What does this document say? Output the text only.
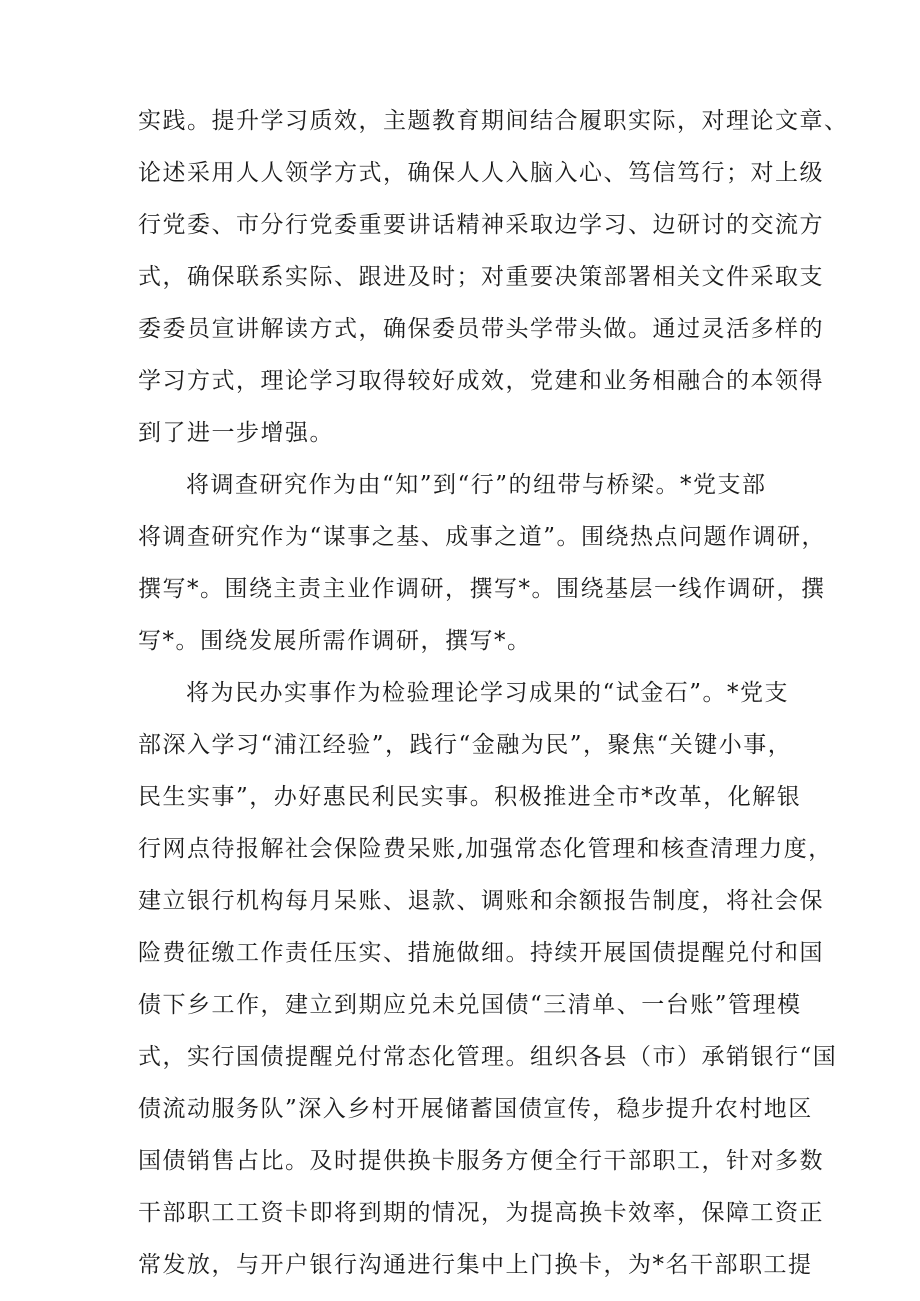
实践。提升学习质效，主题教育期间结合履职实际，对理论文章、
论述采用人人领学方式，确保人人入脑入心、笃信笃行；对上级
行党委、市分行党委重要讲话精神采取边学习、边研讨的交流方
式，确保联系实际、跟进及时；对重要决策部署相关文件采取支
委委员宣讲解读方式，确保委员带头学带头做。通过灵活多样的
学习方式，理论学习取得较好成效，党建和业务相融合的本领得
到了进一步增强。
将调查研究作为由“知”到“行”的纽带与桥梁。*党支部
将调查研究作为“谋事之基、成事之道”。围绕热点问题作调研，
撰写*。围绕主责主业作调研，撰写*。围绕基层一线作调研，撰
写*。围绕发展所需作调研，撰写*。
将为民办实事作为检验理论学习成果的“试金石”。*党支
部深入学习“浦江经验”，践行“金融为民”，聚焦“关键小事，
民生实事”，办好惠民利民实事。积极推进全市*改革，化解银
行网点待报解社会保险费呆账,加强常态化管理和核查清理力度，
建立银行机构每月呆账、退款、调账和余额报告制度，将社会保
险费征缴工作责任压实、措施做细。持续开展国债提醒兑付和国
债下乡工作，建立到期应兑未兑国债“三清单、一台账”管理模
式，实行国债提醒兑付常态化管理。组织各县（市）承销银行“国
债流动服务队”深入乡村开展储蓄国债宣传，稳步提升农村地区
国债销售占比。及时提供换卡服务方便全行干部职工，针对多数
干部职工工资卡即将到期的情况，为提高换卡效率，保障工资正
常发放，与开户银行沟通进行集中上门换卡，为*名干部职工提
